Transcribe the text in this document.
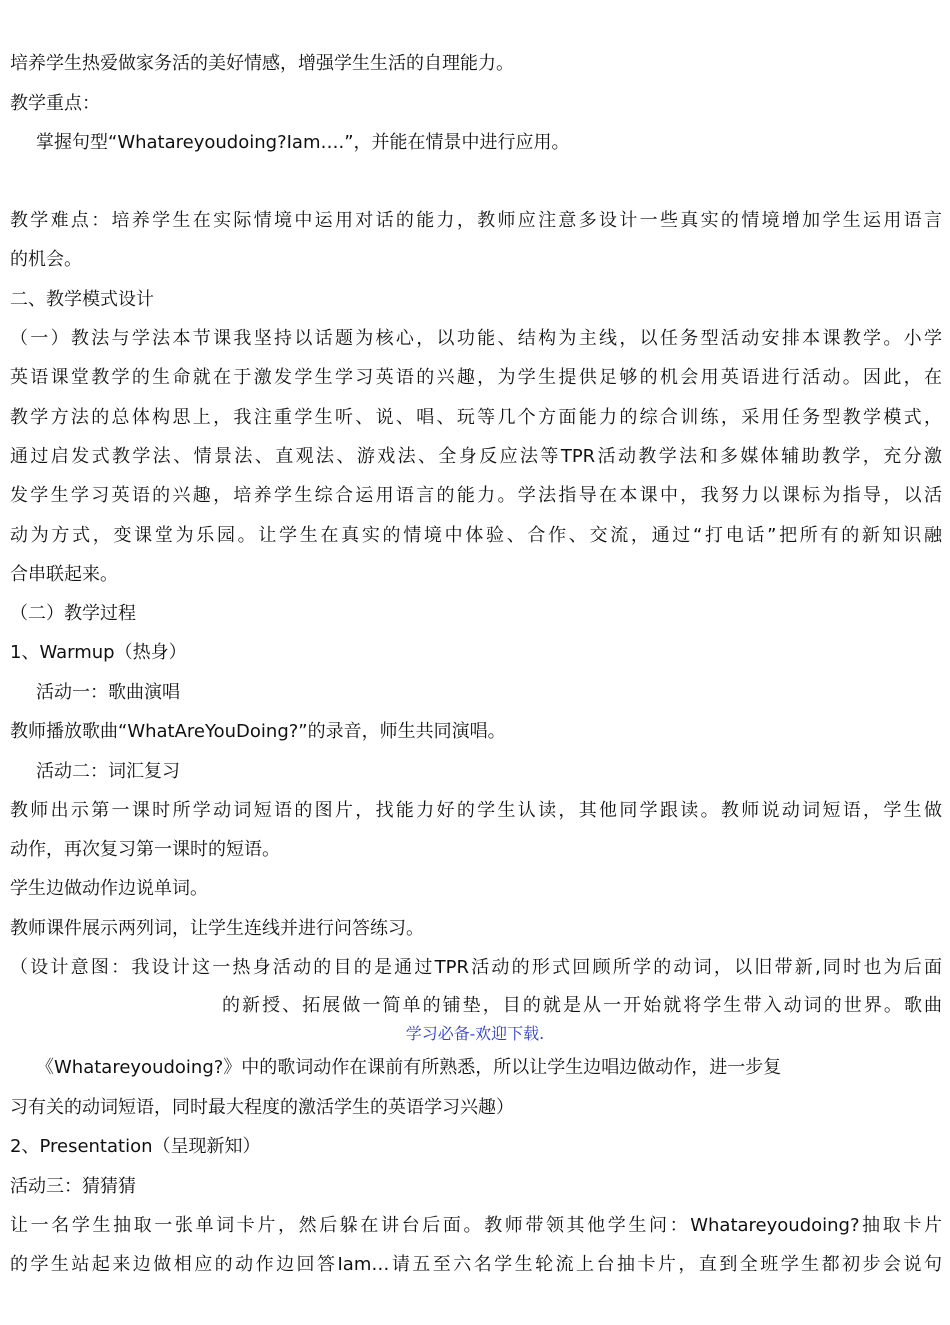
培养学生热爱做家务活的美好情感，增强学生生活的自理能力。
教学重点：
掌握句型“Whatareyoudoing?Iam….”，并能在情景中进行应用。
教学难点：培养学生在实际情境中运用对话的能力，教师应注意多设计一些真实的情境增加学生运用语言
的机会。
二、教学模式设计
（一）教法与学法本节课我坚持以话题为核心，以功能、结构为主线，以任务型活动安排本课教学。小学
英语课堂教学的生命就在于激发学生学习英语的兴趣，为学生提供足够的机会用英语进行活动。因此，在
教学方法的总体构思上，我注重学生听、说、唱、玩等几个方面能力的综合训练，采用任务型教学模式，
通过启发式教学法、情景法、直观法、游戏法、全身反应法等TPR活动教学法和多媒体辅助教学，充分激
发学生学习英语的兴趣，培养学生综合运用语言的能力。学法指导在本课中，我努力以课标为指导，以活
动为方式，变课堂为乐园。让学生在真实的情境中体验、合作、交流，通过“打电话”把所有的新知识融
合串联起来。
（二）教学过程
1、Warmup（热身）
活动一：歌曲演唱
教师播放歌曲“WhatAreYouDoing?”的录音，师生共同演唱。
活动二：词汇复习
教师出示第一课时所学动词短语的图片，找能力好的学生认读，其他同学跟读。教师说动词短语，学生做
动作，再次复习第一课时的短语。
学生边做动作边说单词。
教师课件展示两列词，让学生连线并进行问答练习。
（设计意图：我设计这一热身活动的目的是通过TPR活动的形式回顾所学的动词，以旧带新,同时也为后面
的新授、拓展做一简单的铺垫，目的就是从一开始就将学生带入动词的世界。歌曲
学习必备-欢迎下载.
《Whatareyoudoing?》中的歌词动作在课前有所熟悉，所以让学生边唱边做动作，进一步复
习有关的动词短语，同时最大程度的激活学生的英语学习兴趣）
2、Presentation（呈现新知）
活动三：猜猜猜
让一名学生抽取一张单词卡片，然后躲在讲台后面。教师带领其他学生问：Whatareyoudoing?抽取卡片
的学生站起来边做相应的动作边回答Iam…请五至六名学生轮流上台抽卡片，直到全班学生都初步会说句
